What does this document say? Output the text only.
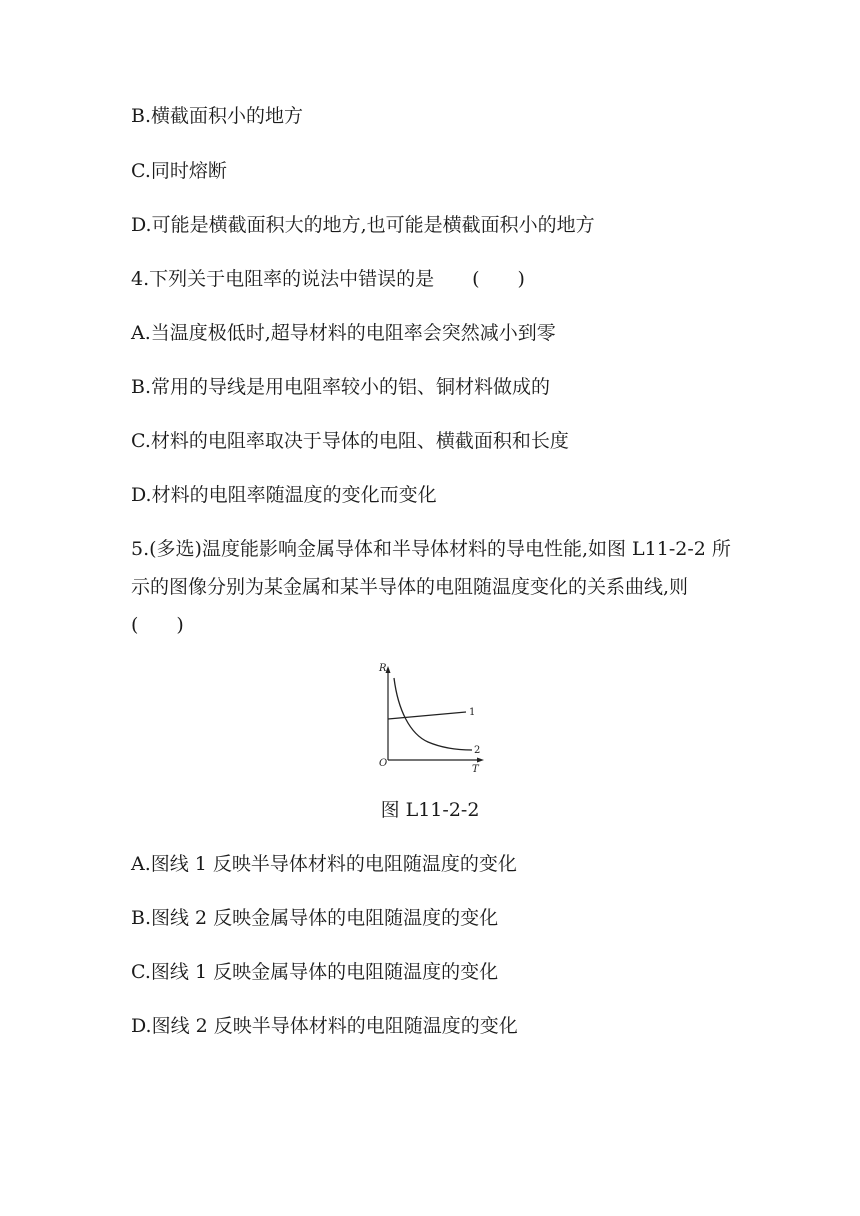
B.横截面积小的地方
C.同时熔断
D.可能是横截面积大的地方,也可能是横截面积小的地方
4.下列关于电阻率的说法中错误的是　　(　　)
A.当温度极低时,超导材料的电阻率会突然减小到零
B.常用的导线是用电阻率较小的铝、铜材料做成的
C.材料的电阻率取决于导体的电阻、横截面积和长度
D.材料的电阻率随温度的变化而变化
5.(多选)温度能影响金属导体和半导体材料的导电性能,如图 L11-2-2 所示的图像分别为某金属和某半导体的电阻随温度变化的关系曲线,则　　(　　)
R
T
O
1
2
图 L11-2-2
A.图线 1 反映半导体材料的电阻随温度的变化
B.图线 2 反映金属导体的电阻随温度的变化
C.图线 1 反映金属导体的电阻随温度的变化
D.图线 2 反映半导体材料的电阻随温度的变化
